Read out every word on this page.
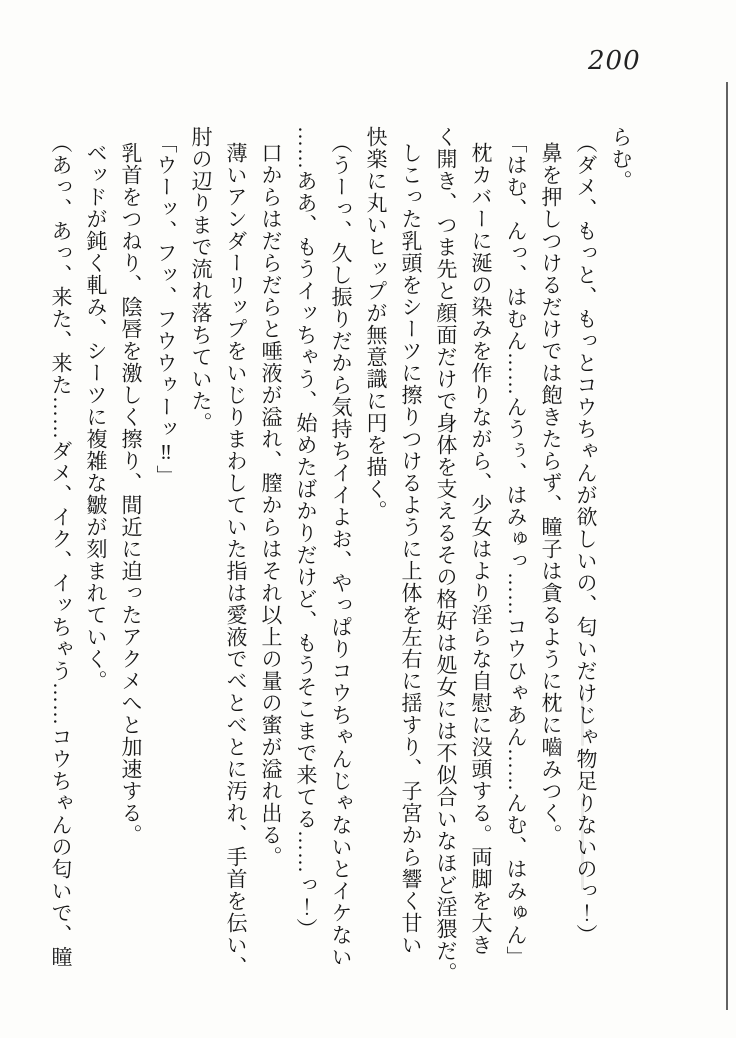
200
らむ。
（ダメ、もっと、もっとコウちゃんが欲しいの、匂いだけじゃ物足りないのっ！）
鼻を押しつけるだけでは飽きたらず、瞳子は貪るように枕に嚙みつく。
「はむ、んっ、はむん……んうぅ、はみゅっ……コウひゃあん……んむ、はみゅん」
枕カバーに涎の染みを作りながら、少女はより淫らな自慰に没頭する。両脚を大き
く開き、つま先と顔面だけで身体を支えるその格好は処女には不似合いなほど淫猥だ。
しこった乳頭をシーツに擦りつけるように上体を左右に揺すり、子宮から響く甘い
快楽に丸いヒップが無意識に円を描く。
（うーっ、久し振りだから気持ちイイよお、やっぱりコウちゃんじゃないとイケない
……ああ、もうイッちゃう、始めたばかりだけど、もうそこまで来てる……っ！）
口からはだらだらと唾液が溢れ、膣からはそれ以上の量の蜜が溢れ出る。
薄いアンダーリップをいじりまわしていた指は愛液でべとべとに汚れ、手首を伝い、
肘の辺りまで流れ落ちていた。
「ウーッ、フッ、フウウゥーッ‼」
乳首をつねり、陰唇を激しく擦り、間近に迫ったアクメへと加速する。
ベッドが鈍く軋み、シーツに複雑な皺が刻まれていく。
（あっ、あっ、来た、来た……ダメ、イク、イッちゃう……コウちゃんの匂いで、瞳
